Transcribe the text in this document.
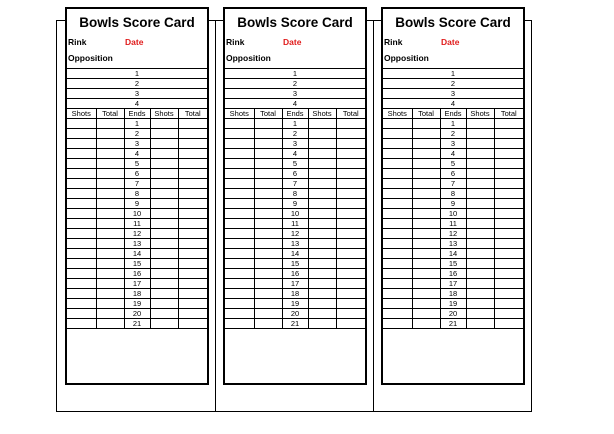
Bowls Score Card
Rink	Date
Opposition
1				
2				
3				
4				
Shots	Total	Ends	Shots	Total
		1		
		2		
		3		
		4		
		5		
		6		
		7		
		8		
		9		
		10		
		11		
		12		
		13		
		14		
		15		
		16		
		17		
		18		
		19		
		20		
		21		
Bowls Score Card
Rink	Date
Opposition
1				
2				
3				
4				
Shots	Total	Ends	Shots	Total
		1		
		2		
		3		
		4		
		5		
		6		
		7		
		8		
		9		
		10		
		11		
		12		
		13		
		14		
		15		
		16		
		17		
		18		
		19		
		20		
		21		
Bowls Score Card
Rink	Date
Opposition
1				
2				
3				
4				
Shots	Total	Ends	Shots	Total
		1		
		2		
		3		
		4		
		5		
		6		
		7		
		8		
		9		
		10		
		11		
		12		
		13		
		14		
		15		
		16		
		17		
		18		
		19		
		20		
		21		
